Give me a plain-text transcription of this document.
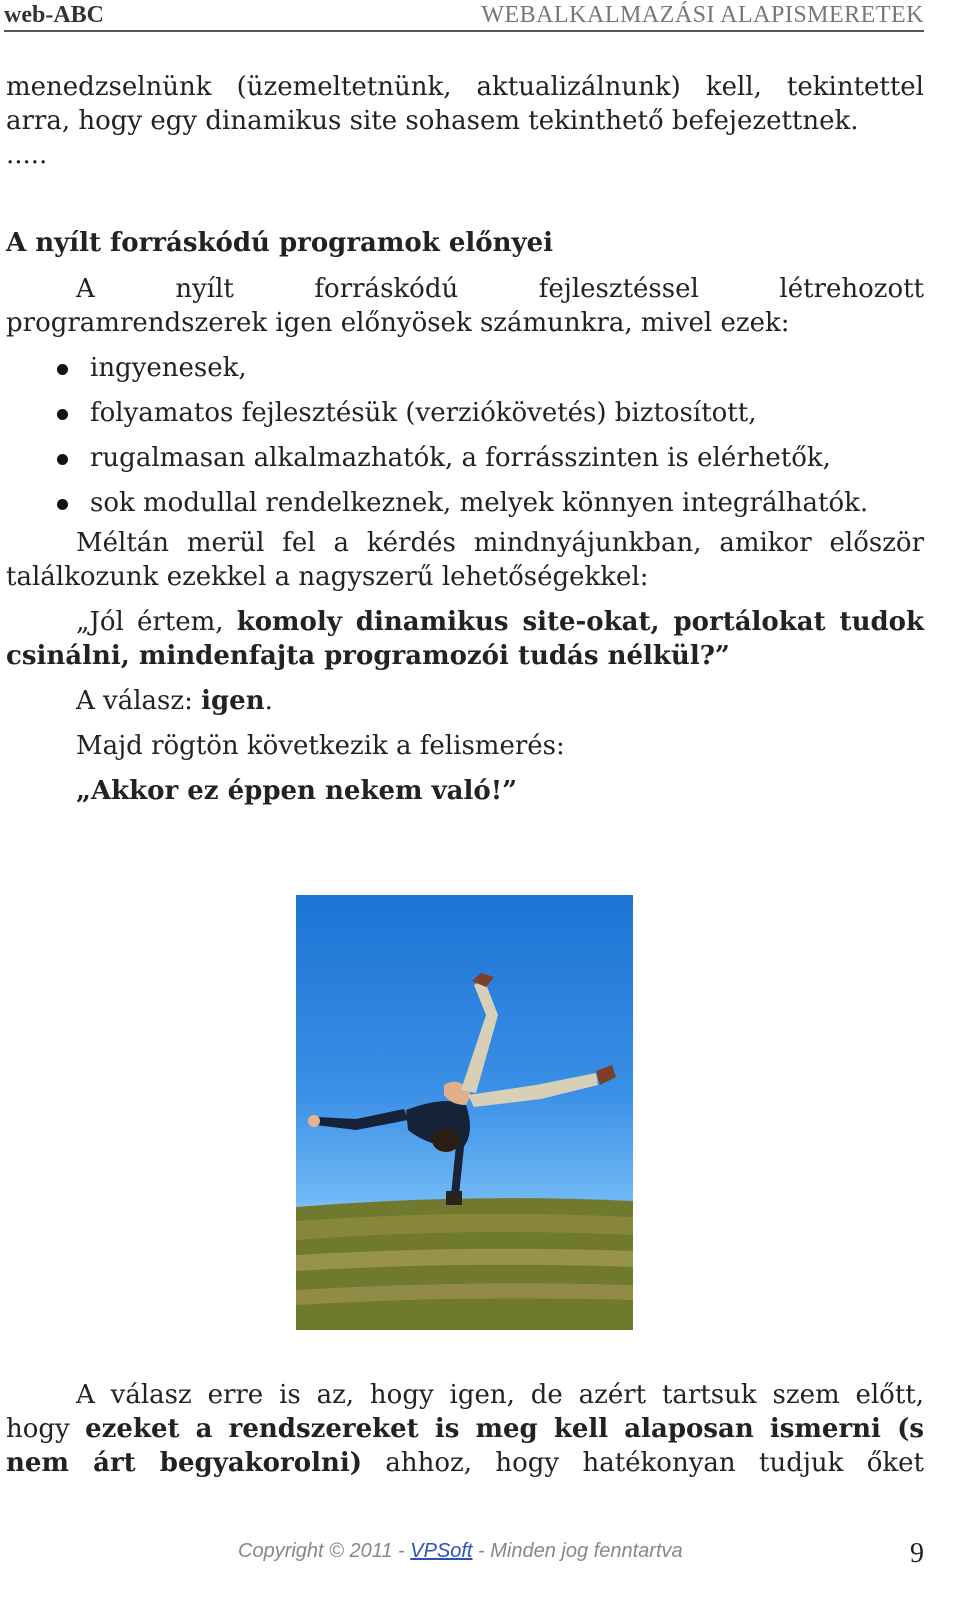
web-ABC	WEBALKALMAZÁSI ALAPISMERETEK

menedzselnünk (üzemeltetnünk, aktualizálnunk) kell, tekintettel

arra, hogy egy dinamikus site sohasem tekinthető befejezettnek.

.....

A nyílt forráskódú programok előnyei

A nyílt forráskódú fejlesztéssel létrehozott

programrendszerek igen előnyösek számunkra, mivel ezek:

ingyenesek,
folyamatos fejlesztésük (verziókövetés) biztosított,
rugalmasan alkalmazhatók, a forrásszinten is elérhetők,
sok modullal rendelkeznek, melyek könnyen integrálhatók.

Méltán merül fel a kérdés mindnyájunkban, amikor először

találkozunk ezekkel a nagyszerű lehetőségekkel:

„Jól értem, komoly dinamikus site-okat, portálokat tudok

csinálni, mindenfajta programozói tudás nélkül?”

A válasz: igen.

Majd rögtön következik a felismerés:

„Akkor ez éppen nekem való!”

A válasz erre is az, hogy igen, de azért tartsuk szem előtt,

hogy ezeket a rendszereket is meg kell alaposan ismerni (s

nem árt begyakorolni) ahhoz, hogy hatékonyan tudjuk őket

Copyright © 2011 - VPSoft - Minden jog fenntartva	9
